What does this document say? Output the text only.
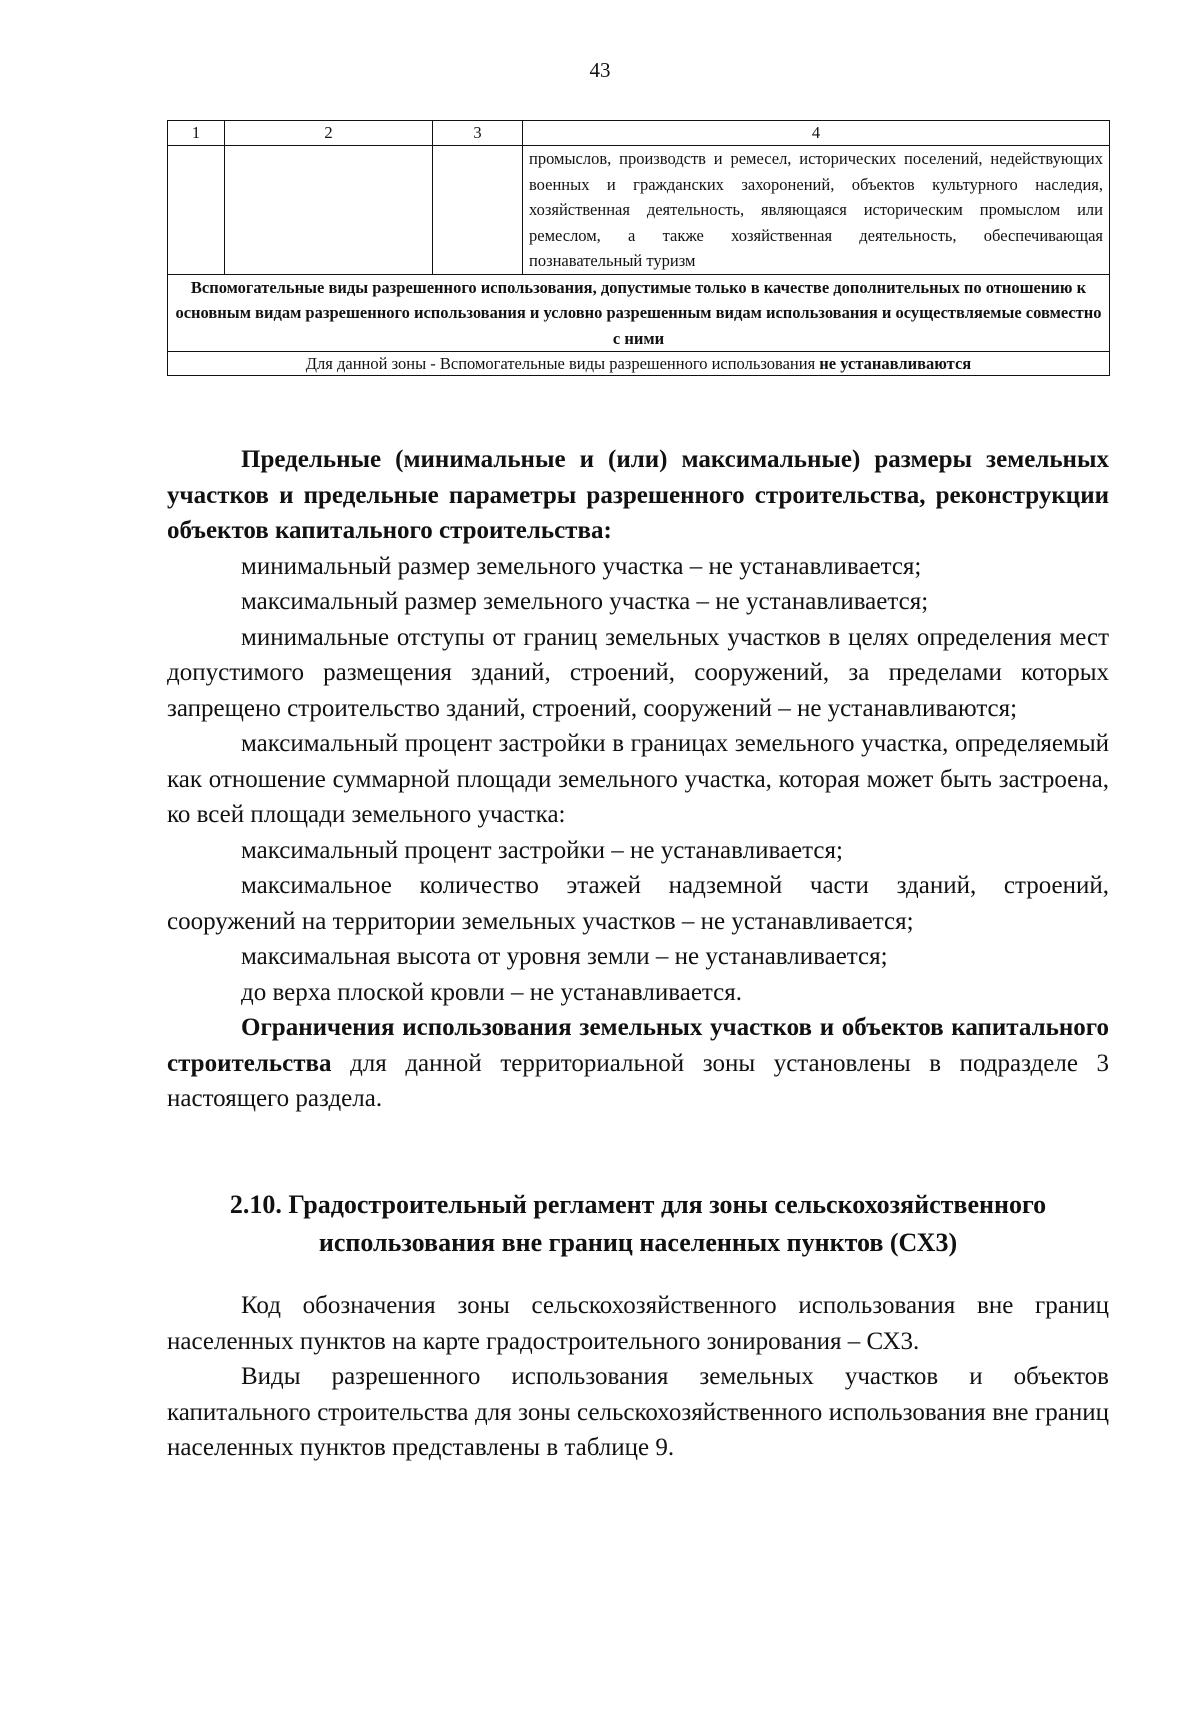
43
1	2	3	4
			промыслов, производств и ремесел, исторических поселений, недействующих военных и гражданских захоронений, объектов культурного наследия, хозяйственная деятельность, являющаяся историческим промыслом или ремеслом, а также хозяйственная деятельность, обеспечивающая познавательный туризм
Вспомогательные виды разрешенного использования, допустимые только в качестве дополнительных по отношению к основным видам разрешенного использования и условно разрешенным видам использования и осуществляемые совместно с ними			
Для данной зоны - Вспомогательные виды разрешенного использования не устанавливаются			

Предельные (минимальные и (или) максимальные) размеры земельных участков и предельные параметры разрешенного строительства, реконструкции объектов капитального строительства:

минимальный размер земельного участка – не устанавливается;

максимальный размер земельного участка – не устанавливается;

минимальные отступы от границ земельных участков в целях определения мест допустимого размещения зданий, строений, сооружений, за пределами которых запрещено строительство зданий, строений, сооружений – не устанавливаются;

максимальный процент застройки в границах земельного участка, определяемый как отношение суммарной площади земельного участка, которая может быть застроена, ко всей площади земельного участка:

максимальный процент застройки – не устанавливается;

максимальное количество этажей надземной части зданий, строений, сооружений на территории земельных участков – не устанавливается;

максимальная высота от уровня земли – не устанавливается;

до верха плоской кровли – не устанавливается.

Ограничения использования земельных участков и объектов капитального строительства для данной территориальной зоны установлены в подразделе 3 настоящего раздела.

2.10. Градостроительный регламент для зоны сельскохозяйственного
использования вне границ населенных пунктов (СХ3)

Код обозначения зоны сельскохозяйственного использования вне границ населенных пунктов на карте градостроительного зонирования – СХ3.

Виды разрешенного использования земельных участков и объектов капитального строительства для зоны сельскохозяйственного использования вне границ населенных пунктов представлены в таблице 9.
